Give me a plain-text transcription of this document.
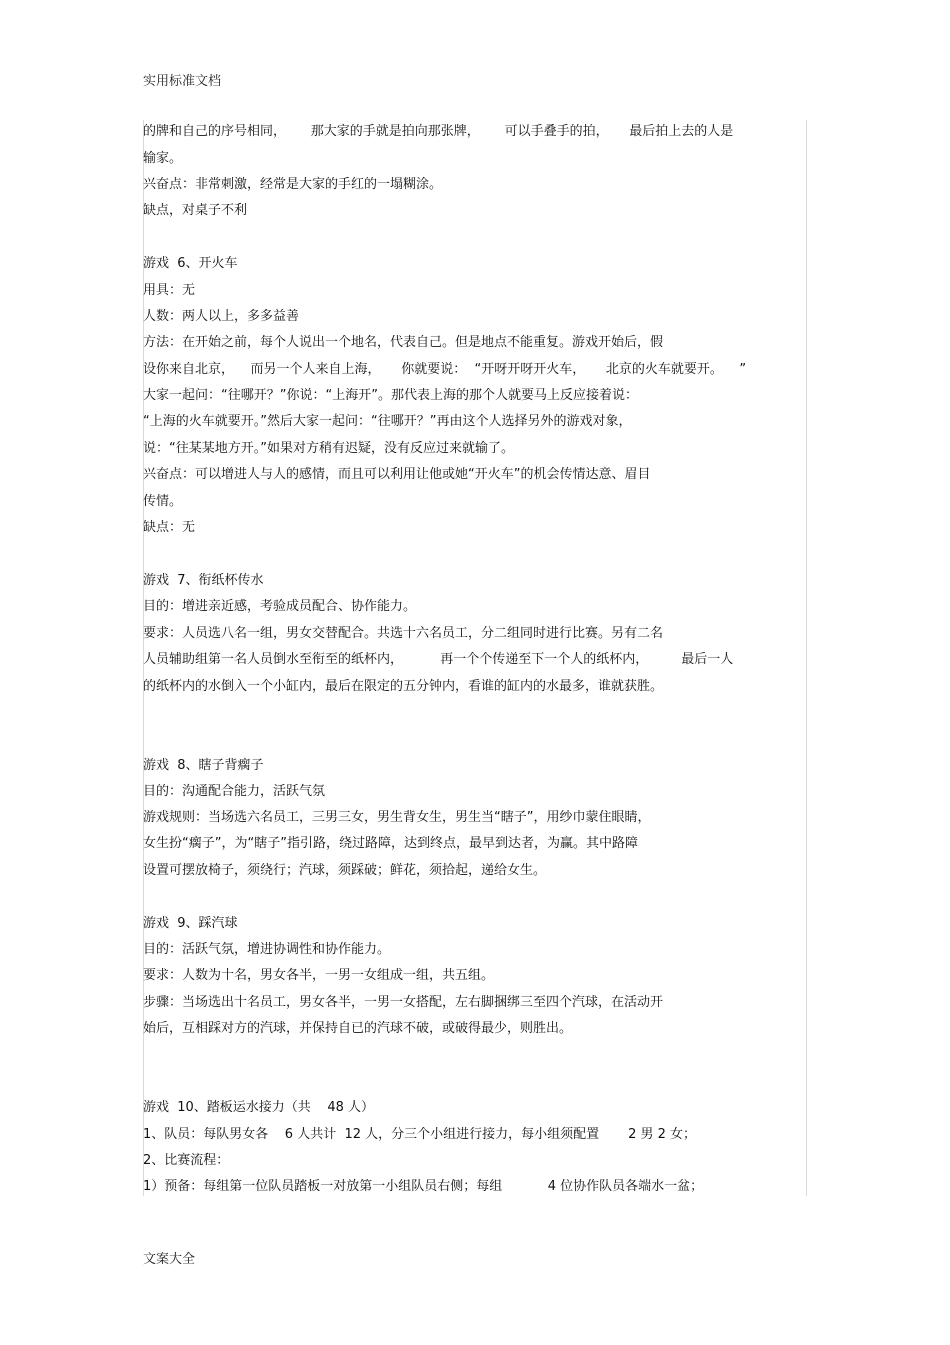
实用标准文档
的牌和自己的序号相同，      那大家的手就是拍向那张牌，      可以手叠手的拍，     最后拍上去的人是
输家。
兴奋点：非常刺激，经常是大家的手红的一塌糊涂。
缺点，对桌子不利
游戏  6、开火车
用具：无
人数：两人以上，多多益善
方法：在开始之前，每个人说出一个地名，代表自己。但是地点不能重复。游戏开始后，假
设你来自北京，    而另一个人来自上海，     你就要说：  “开呀开呀开火车，     北京的火车就要开。    ”
大家一起问：“往哪开？”你说：“上海开”。那代表上海的那个人就要马上反应接着说：
“上海的火车就要开。”然后大家一起问：“往哪开？”再由这个人选择另外的游戏对象，
说：“往某某地方开。”如果对方稍有迟疑，没有反应过来就输了。
兴奋点：可以增进人与人的感情，而且可以利用让他或她“开火车”的机会传情达意、眉目
传情。
缺点：无
游戏  7、衔纸杯传水
目的：增进亲近感，考验成员配合、协作能力。
要求：人员选八名一组，男女交替配合。共选十六名员工，分二组同时进行比赛。另有二名
人员辅助组第一名人员倒水至衔至的纸杯内，         再一个个传递至下一个人的纸杯内，        最后一人
的纸杯内的水倒入一个小缸内，最后在限定的五分钟内，看谁的缸内的水最多，谁就获胜。
游戏  8、瞎子背瘸子
目的：沟通配合能力，活跃气氛
游戏规则：当场选六名员工，三男三女，男生背女生，男生当“瞎子”，用纱巾蒙住眼睛，
女生扮“瘸子”，为“瞎子”指引路，绕过路障，达到终点，最早到达者，为赢。其中路障
设置可摆放椅子，须绕行；汽球，须踩破；鲜花，须拾起，递给女生。
游戏  9、踩汽球
目的：活跃气氛，增进协调性和协作能力。
要求：人数为十名，男女各半，一男一女组成一组，共五组。
步骤：当场选出十名员工，男女各半，一男一女搭配，左右脚捆绑三至四个汽球，在活动开
始后，互相踩对方的汽球，并保持自已的汽球不破，或破得最少，则胜出。
游戏  10、踏板运水接力（共    48 人）
1、队员：每队男女各    6 人共计  12 人，分三个小组进行接力，每小组须配置       2 男 2 女；
2、比赛流程：
1）预备：每组第一位队员踏板一对放第一小组队员右侧；每组           4 位协作队员各端水一盆；
文案大全
